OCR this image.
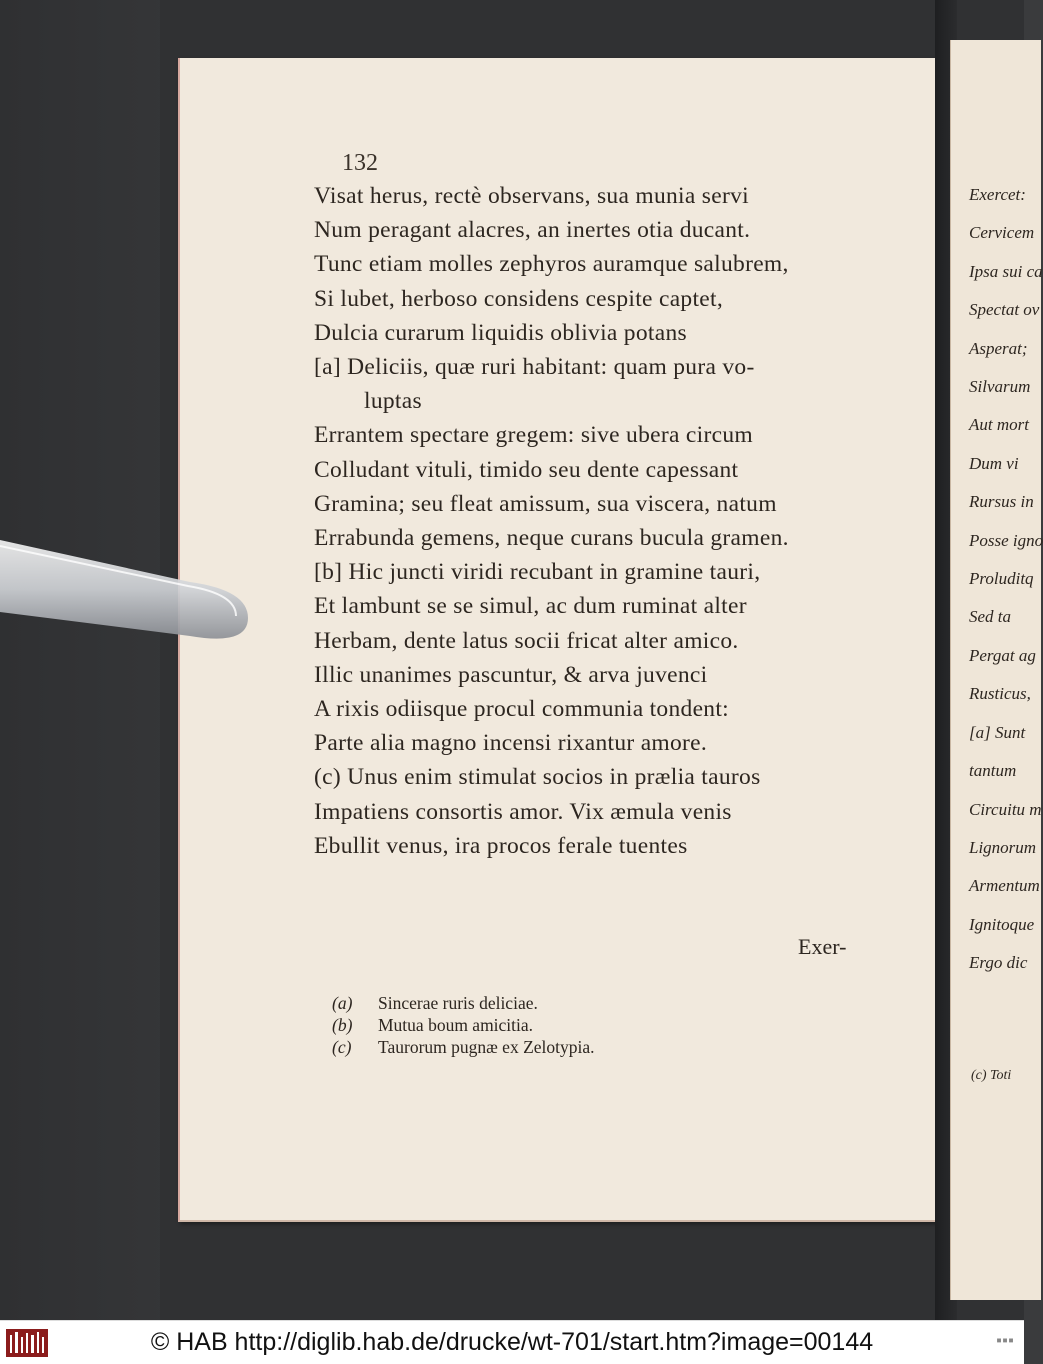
132
Visat herus, rectè observans, sua munia servi
Num peragant alacres, an inertes otia ducant.
Tunc etiam molles zephyros auramque salubrem,
Si lubet, herboso considens cespite captet,
Dulcia curarum liquidis oblivia potans
[a] Deliciis, quæ ruri habitant: quam pura vo-
luptas
Errantem spectare gregem: sive ubera circum
Colludant vituli, timido seu dente capessant
Gramina; seu fleat amissum, sua viscera, natum
Errabunda gemens, neque curans bucula gramen.
[b] Hic juncti viridi recubant in gramine tauri,
Et lambunt se se simul, ac dum ruminat alter
Herbam, dente latus socii fricat alter amico.
Illic unanimes pascuntur, & arva juvenci
A rixis odiisque procul communia tondent:
Parte alia magno incensi rixantur amore.
(c) Unus enim stimulat socios in prælia tauros
Impatiens consortis amor. Vix æmula venis
Ebullit venus, ira procos ferale tuentes
Exer-
(a)	Sincerae ruris deliciae.
(b)	Mutua boum amicitia.
(c)	Taurorum pugnæ ex Zelotypia.
Exercet:
Cervicem
Ipsa sui ca
Spectat ov
Asperat;
Silvarum
Aut mort
Dum vi
Rursus in
Posse igno
Proluditq
Sed ta
Pergat ag
Rusticus,
[a] Sunt
tantum
Circuitu m
Lignorum
Armentum
Ignitoque
Ergo dic
(c) Toti
© HAB http://diglib.hab.de/drucke/wt-701/start.htm?image=00144	▪▪▪
